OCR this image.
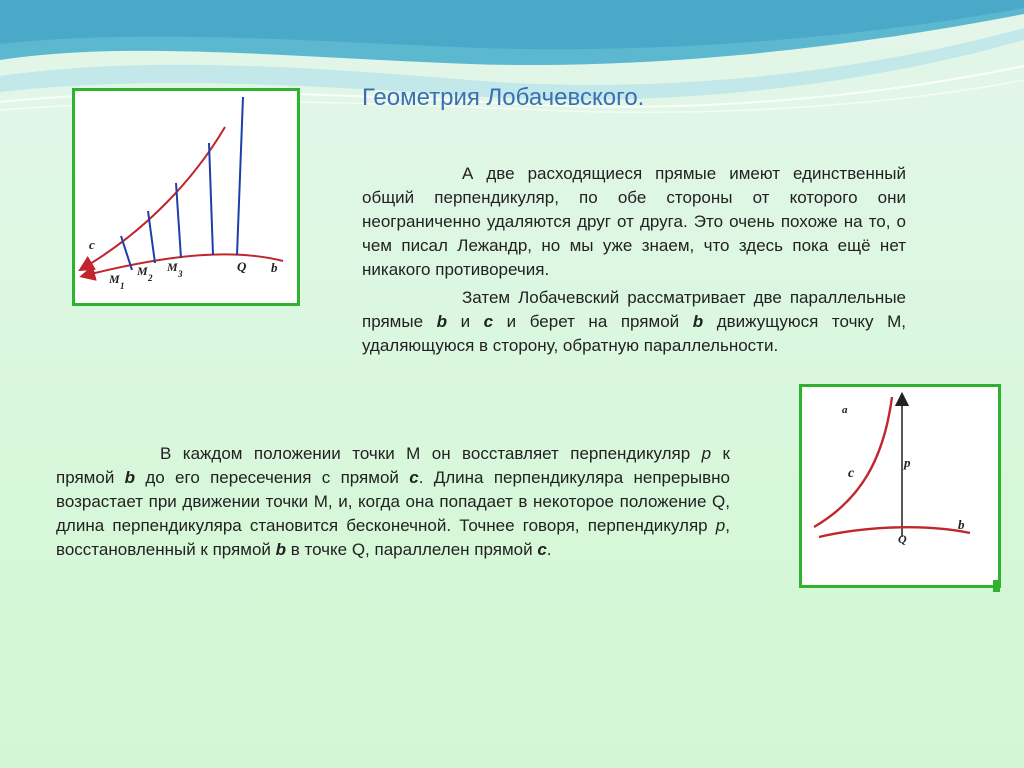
Геометрия Лобачевского.

А две расходящиеся прямые имеют единственный общий перпендикуляр, по обе стороны от которого они неограниченно удаляются друг от друга. Это очень похоже на то, о чем писал Лежандр, но мы уже знаем, что здесь пока ещё нет никакого противоречия.

Затем Лобачевский рассматривает две параллельные прямые b и c и берет на прямой b движущуюся точку М, удаляющуюся в сторону, обратную параллельности.

В каждом положении точки М он восставляет перпендикуляр p к прямой b до его пересечения с прямой c. Длина перпендикуляра непрерывно возрастает при движении точки М, и, когда она попадает в некоторое положение Q, длина перпендикуляра становится бесконечной. Точнее говоря, перпендикуляр p, восстановленный к прямой b в точке Q, параллелен прямой c.

c
b
Q
M 1
M 2
M 3
a
c
p
Q
b
